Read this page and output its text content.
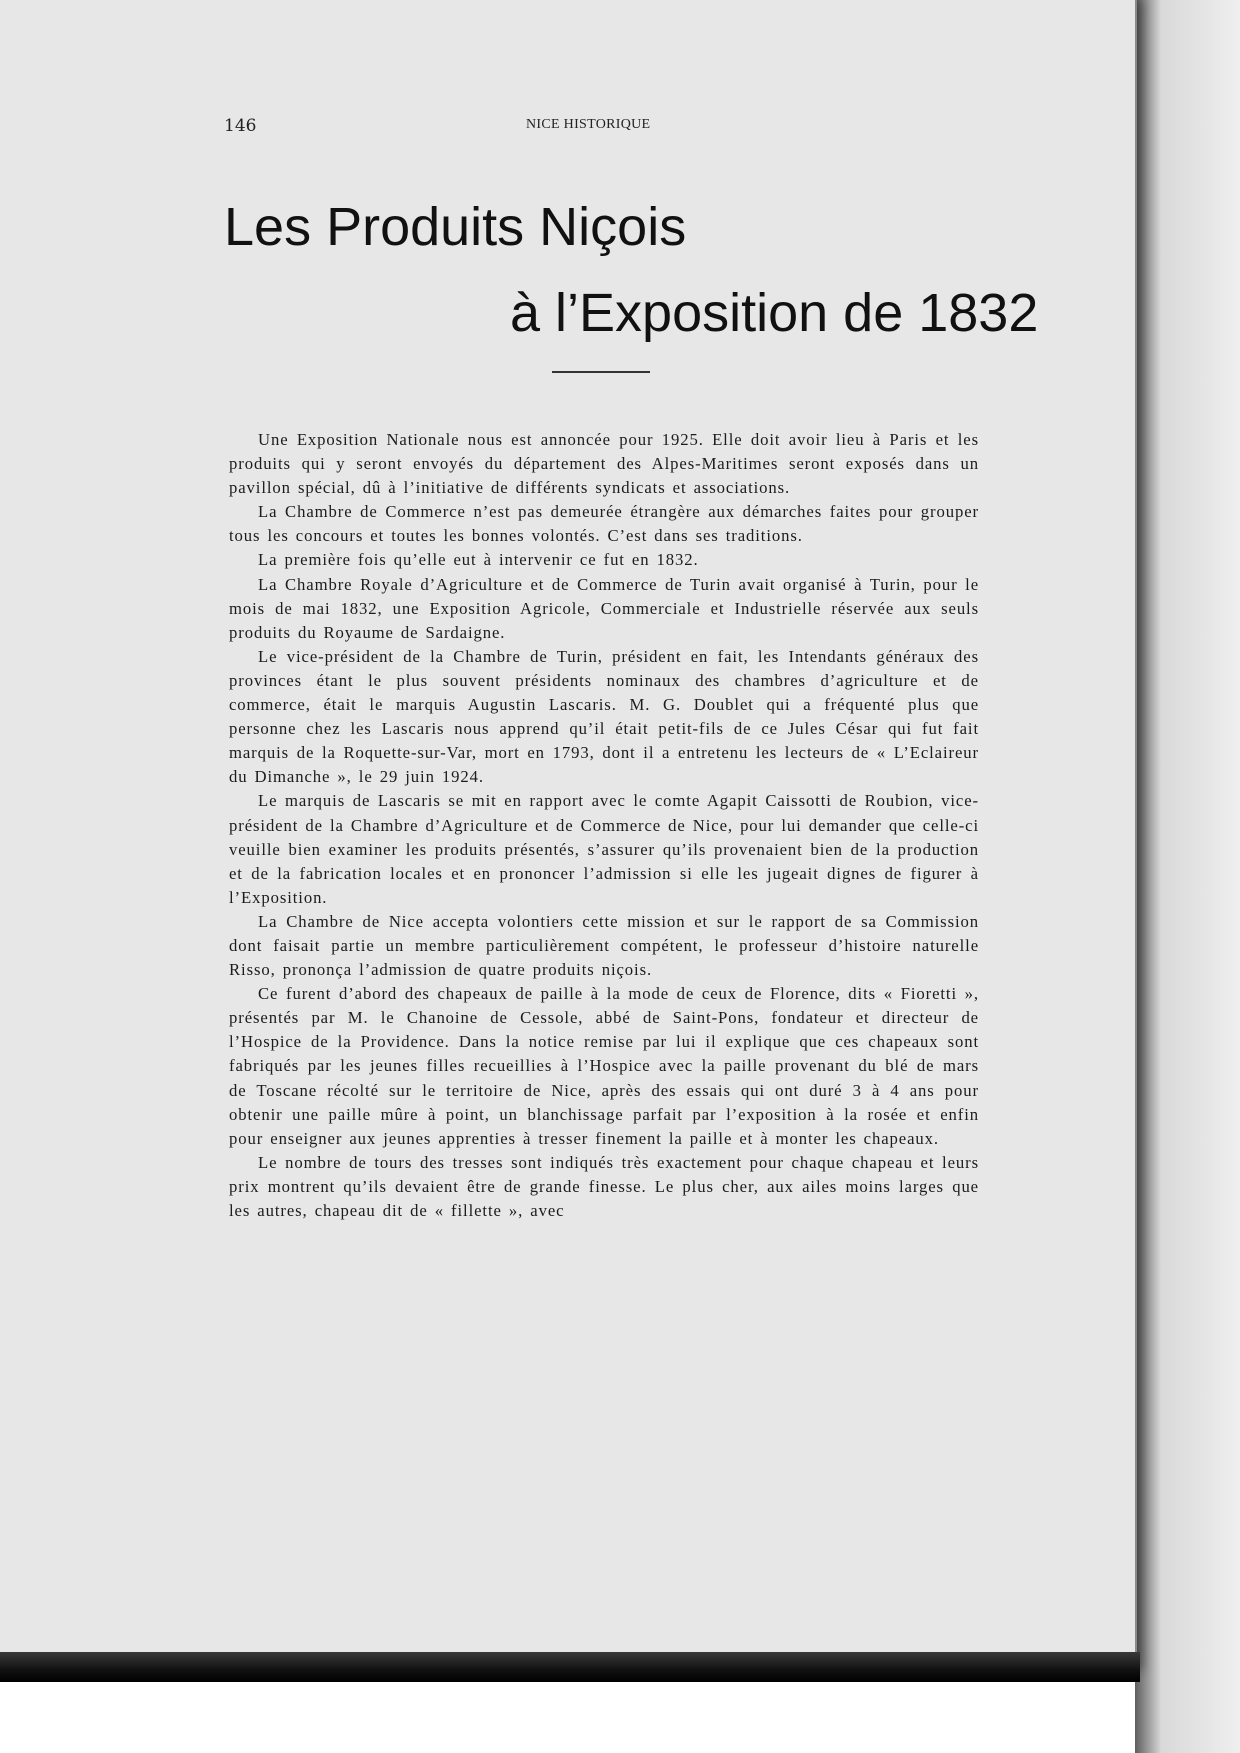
146	NICE HISTORIQUE
Les Produits Niçois
à l’Exposition de 1832

Une Exposition Nationale nous est annoncée pour 1925. Elle doit avoir lieu à Paris et les produits qui y seront envoyés du département des Alpes-Maritimes seront exposés dans un pavillon spécial, dû à l’initiative de différents syndicats et associations.

La Chambre de Commerce n’est pas demeurée étrangère aux démarches faites pour grouper tous les concours et toutes les bonnes volontés. C’est dans ses traditions.

La première fois qu’elle eut à intervenir ce fut en 1832.

La Chambre Royale d’Agriculture et de Commerce de Turin avait organisé à Turin, pour le mois de mai 1832, une Exposition Agricole, Commerciale et Industrielle réservée aux seuls produits du Royaume de Sardaigne.

Le vice-président de la Chambre de Turin, président en fait, les Intendants généraux des provinces étant le plus souvent présidents nominaux des chambres d’agriculture et de commerce, était le marquis Augustin Lascaris. M. G. Doublet qui a fréquenté plus que personne chez les Lascaris nous apprend qu’il était petit-fils de ce Jules César qui fut fait marquis de la Roquette-sur-Var, mort en 1793, dont il a entretenu les lecteurs de « L’Eclaireur du Dimanche », le 29 juin 1924.

Le marquis de Lascaris se mit en rapport avec le comte Agapit Caissotti de Roubion, vice-président de la Chambre d’Agriculture et de Commerce de Nice, pour lui demander que celle-ci veuille bien examiner les produits présentés, s’assurer qu’ils provenaient bien de la production et de la fabrication locales et en prononcer l’admission si elle les jugeait dignes de figurer à l’Exposition.

La Chambre de Nice accepta volontiers cette mission et sur le rapport de sa Commission dont faisait partie un membre particulièrement compétent, le professeur d’histoire naturelle Risso, prononça l’admission de quatre produits niçois.

Ce furent d’abord des chapeaux de paille à la mode de ceux de Florence, dits « Fioretti », présentés par M. le Chanoine de Cessole, abbé de Saint-Pons, fondateur et directeur de l’Hospice de la Providence. Dans la notice remise par lui il explique que ces chapeaux sont fabriqués par les jeunes filles recueillies à l’Hospice avec la paille provenant du blé de mars de Toscane récolté sur le territoire de Nice, après des essais qui ont duré 3 à 4 ans pour obtenir une paille mûre à point, un blanchissage parfait par l’exposition à la rosée et enfin pour enseigner aux jeunes apprenties à tresser finement la paille et à monter les chapeaux.

Le nombre de tours des tresses sont indiqués très exactement pour chaque chapeau et leurs prix montrent qu’ils devaient être de grande finesse. Le plus cher, aux ailes moins larges que les autres, chapeau dit de « fillette », avec
